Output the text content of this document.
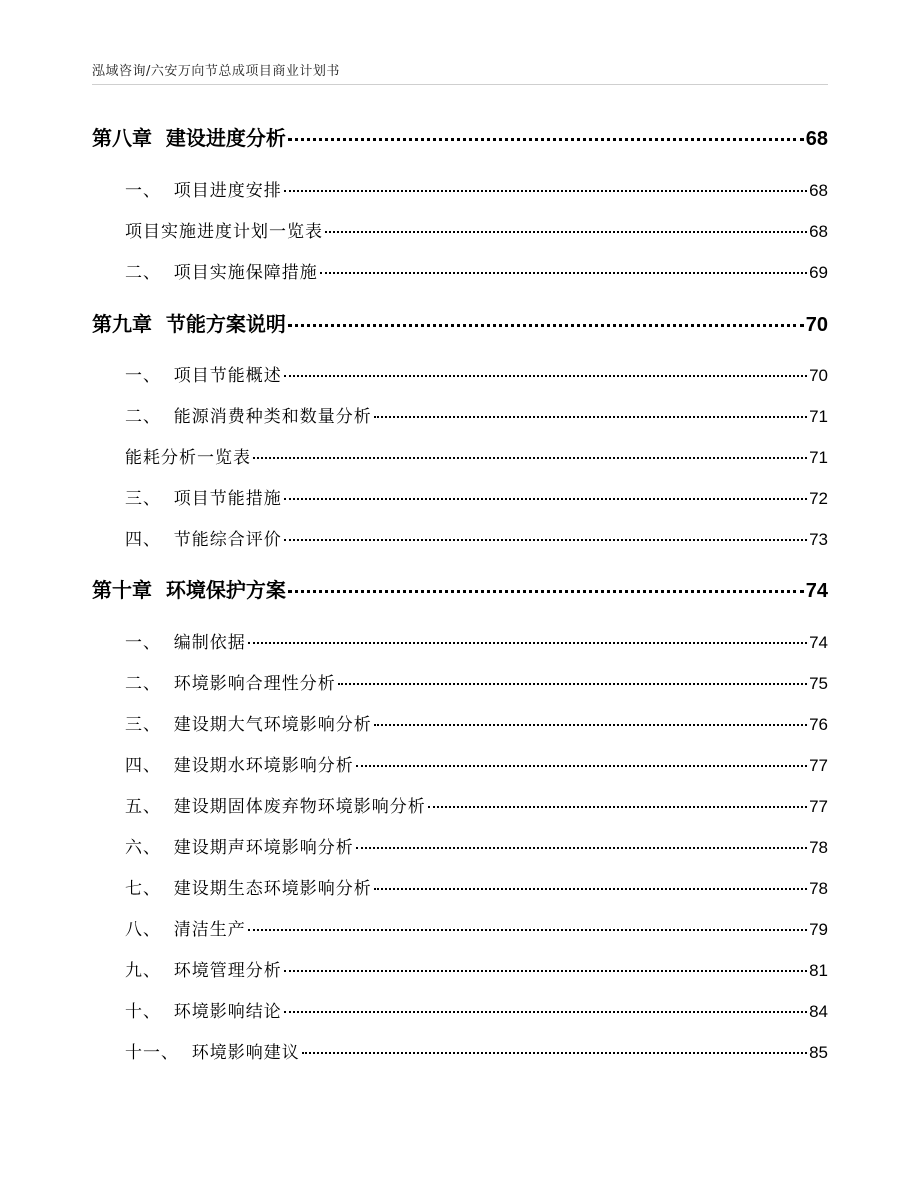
泓域咨询/六安万向节总成项目商业计划书
第八章  建设进度分析	68
一、  项目进度安排	68
项目实施进度计划一览表	68
二、  项目实施保障措施	69
第九章  节能方案说明	70
一、  项目节能概述	70
二、  能源消费种类和数量分析	71
能耗分析一览表	71
三、  项目节能措施	72
四、  节能综合评价	73
第十章  环境保护方案	74
一、  编制依据	74
二、  环境影响合理性分析	75
三、  建设期大气环境影响分析	76
四、  建设期水环境影响分析	77
五、  建设期固体废弃物环境影响分析	77
六、  建设期声环境影响分析	78
七、  建设期生态环境影响分析	78
八、  清洁生产	79
九、  环境管理分析	81
十、  环境影响结论	84
十一、  环境影响建议	85
